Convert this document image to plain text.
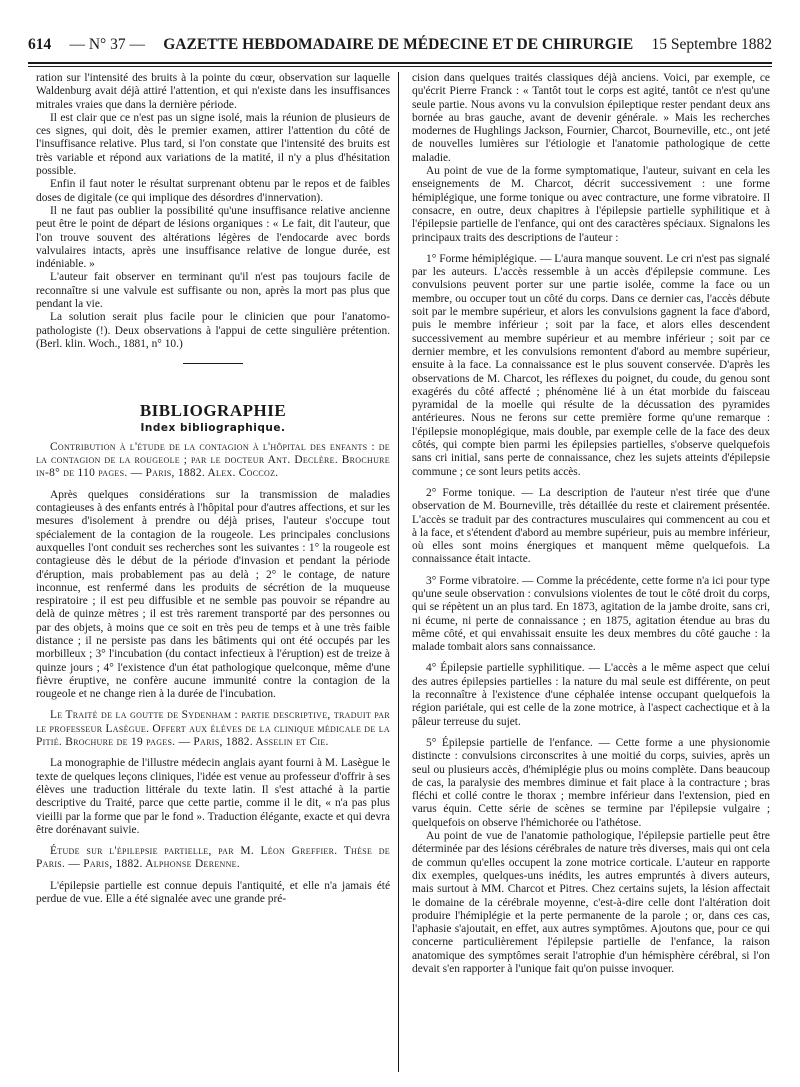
614 — N° 37 — GAZETTE HEBDOMADAIRE DE MÉDECINE ET DE CHIRURGIE 15 Septembre 1882

ration sur l'intensité des bruits à la pointe du cœur, observation sur laquelle Waldenburg avait déjà attiré l'attention, et qui n'existe dans les insuffisances mitrales vraies que dans la dernière période.

Il est clair que ce n'est pas un signe isolé, mais la réunion de plusieurs de ces signes, qui doit, dès le premier examen, attirer l'attention du côté de l'insuffisance relative. Plus tard, si l'on constate que l'intensité des bruits est très variable et répond aux variations de la matité, il n'y a plus d'hésitation possible.

Enfin il faut noter le résultat surprenant obtenu par le repos et de faibles doses de digitale (ce qui implique des désordres d'innervation).

Il ne faut pas oublier la possibilité qu'une insuffisance relative ancienne peut être le point de départ de lésions organiques : « Le fait, dit l'auteur, que l'on trouve souvent des altérations légères de l'endocarde avec bords valvulaires intacts, après une insuffisance relative de longue durée, est indéniable. »

L'auteur fait observer en terminant qu'il n'est pas toujours facile de reconnaître si une valvule est suffisante ou non, après la mort pas plus que pendant la vie.

La solution serait plus facile pour le clinicien que pour l'anatomo-pathologiste (!). Deux observations à l'appui de cette singulière prétention. (Berl. klin. Woch., 1881, n° 10.)

BIBLIOGRAPHIE
Index bibliographique.

Contribution à l'étude de la contagion à l'hôpital des enfants : de la contagion de la rougeole ; par le docteur Ant. Declère. Brochure in-8° de 110 pages. — Paris, 1882. Alex. Coccoz.

Après quelques considérations sur la transmission de maladies contagieuses à des enfants entrés à l'hôpital pour d'autres affections, et sur les mesures d'isolement à prendre ou déjà prises, l'auteur s'occupe tout spécialement de la contagion de la rougeole. Les principales conclusions auxquelles l'ont conduit ses recherches sont les suivantes : 1° la rougeole est contagieuse dès le début de la période d'invasion et pendant la période d'éruption, mais probablement pas au delà ; 2° le contage, de nature inconnue, est renfermé dans les produits de sécrétion de la muqueuse respiratoire ; il est peu diffusible et ne semble pas pouvoir se répandre au delà de quinze mètres ; il est très rarement transporté par des personnes ou par des objets, à moins que ce soit en très peu de temps et à une très faible distance ; il ne persiste pas dans les bâtiments qui ont été occupés par les morbilleux ; 3° l'incubation (du contact infectieux à l'éruption) est de treize à quinze jours ; 4° l'existence d'un état pathologique quelconque, même d'une fièvre éruptive, ne confère aucune immunité contre la contagion de la rougeole et ne change rien à la durée de l'incubation.

Le Traité de la goutte de Sydenham : partie descriptive, traduit par le professeur Lasègue. Offert aux élèves de la clinique médicale de la Pitié. Brochure de 19 pages. — Paris, 1882. Asselin et Cie.

La monographie de l'illustre médecin anglais ayant fourni à M. Lasègue le texte de quelques leçons cliniques, l'idée est venue au professeur d'offrir à ses élèves une traduction littérale du texte latin. Il s'est attaché à la partie descriptive du Traité, parce que cette partie, comme il le dit, « n'a pas plus vieilli par la forme que par le fond ». Traduction élégante, exacte et qui devra être dorénavant suivie.

Étude sur l'épilepsie partielle, par M. Léon Greffier. Thèse de Paris. — Paris, 1882. Alphonse Derenne.

L'épilepsie partielle est connue depuis l'antiquité, et elle n'a jamais été perdue de vue. Elle a été signalée avec une grande pré-

cision dans quelques traités classiques déjà anciens. Voici, par exemple, ce qu'écrit Pierre Franck : « Tantôt tout le corps est agité, tantôt ce n'est qu'une seule partie. Nous avons vu la convulsion épileptique rester pendant deux ans bornée au bras gauche, avant de devenir générale. » Mais les recherches modernes de Hughlings Jackson, Fournier, Charcot, Bourneville, etc., ont jeté de nouvelles lumières sur l'étiologie et l'anatomie pathologique de cette maladie.

Au point de vue de la forme symptomatique, l'auteur, suivant en cela les enseignements de M. Charcot, décrit successivement : une forme hémiplégique, une forme tonique ou avec contracture, une forme vibratoire. Il consacre, en outre, deux chapitres à l'épilepsie partielle syphilitique et à l'épilepsie partielle de l'enfance, qui ont des caractères spéciaux. Signalons les principaux traits des descriptions de l'auteur :

1° Forme hémiplégique. — L'aura manque souvent. Le cri n'est pas signalé par les auteurs. L'accès ressemble à un accès d'épilepsie commune. Les convulsions peuvent porter sur une partie isolée, comme la face ou un membre, ou occuper tout un côté du corps. Dans ce dernier cas, l'accès débute soit par le membre supérieur, et alors les convulsions gagnent la face d'abord, puis le membre inférieur ; soit par la face, et alors elles descendent successivement au membre supérieur et au membre inférieur ; soit par ce dernier membre, et les convulsions remontent d'abord au membre supérieur, ensuite à la face. La connaissance est le plus souvent conservée. D'après les observations de M. Charcot, les réflexes du poignet, du coude, du genou sont exagérés du côté affecté ; phénomène lié à un état morbide du faisceau pyramidal de la moelle qui résulte de la décussation des pyramides antérieures. Nous ne ferons sur cette première forme qu'une remarque : l'épilepsie monoplégique, mais double, par exemple celle de la face des deux côtés, qui compte bien parmi les épilepsies partielles, s'observe quelquefois sans cri initial, sans perte de connaissance, chez les sujets atteints d'épilepsie commune ; ce sont leurs petits accès.

2° Forme tonique. — La description de l'auteur n'est tirée que d'une observation de M. Bourneville, très détaillée du reste et clairement présentée. L'accès se traduit par des contractures musculaires qui commencent au cou et à la face, et s'étendent d'abord au membre supérieur, puis au membre inférieur, où elles sont moins énergiques et manquent même quelquefois. La connaissance était intacte.

3° Forme vibratoire. — Comme la précédente, cette forme n'a ici pour type qu'une seule observation : convulsions violentes de tout le côté droit du corps, qui se répètent un an plus tard. En 1873, agitation de la jambe droite, sans cri, ni écume, ni perte de connaissance ; en 1875, agitation étendue au bras du même côté, et qui envahissait ensuite les deux membres du côté gauche : la malade tombait alors sans connaissance.

4° Épilepsie partielle syphilitique. — L'accès a le même aspect que celui des autres épilepsies partielles : la nature du mal seule est différente, on peut la reconnaître à l'existence d'une céphalée intense occupant quelquefois la région pariétale, qui est celle de la zone motrice, à l'aspect cachectique et à la pâleur terreuse du sujet.

5° Épilepsie partielle de l'enfance. — Cette forme a une physionomie distincte : convulsions circonscrites à une moitié du corps, suivies, après un seul ou plusieurs accès, d'hémiplégie plus ou moins complète. Dans beaucoup de cas, la paralysie des membres diminue et fait place à la contracture ; bras fléchi et collé contre le thorax ; membre inférieur dans l'extension, pied en varus équin. Cette série de scènes se termine par l'épilepsie vulgaire ; quelquefois on observe l'hémichorée ou l'athétose.

Au point de vue de l'anatomie pathologique, l'épilepsie partielle peut être déterminée par des lésions cérébrales de nature très diverses, mais qui ont cela de commun qu'elles occupent la zone motrice corticale. L'auteur en rapporte dix exemples, quelques-uns inédits, les autres empruntés à divers auteurs, mais surtout à MM. Charcot et Pitres. Chez certains sujets, la lésion affectait le domaine de la cérébrale moyenne, c'est-à-dire celle dont l'altération doit produire l'hémiplégie et la perte permanente de la parole ; or, dans ces cas, l'aphasie s'ajoutait, en effet, aux autres symptômes. Ajoutons que, pour ce qui concerne particulièrement l'épilepsie partielle de l'enfance, la raison anatomique des symptômes serait l'atrophie d'un hémisphère cérébral, si l'on devait s'en rapporter à l'unique fait qu'on puisse invoquer.
